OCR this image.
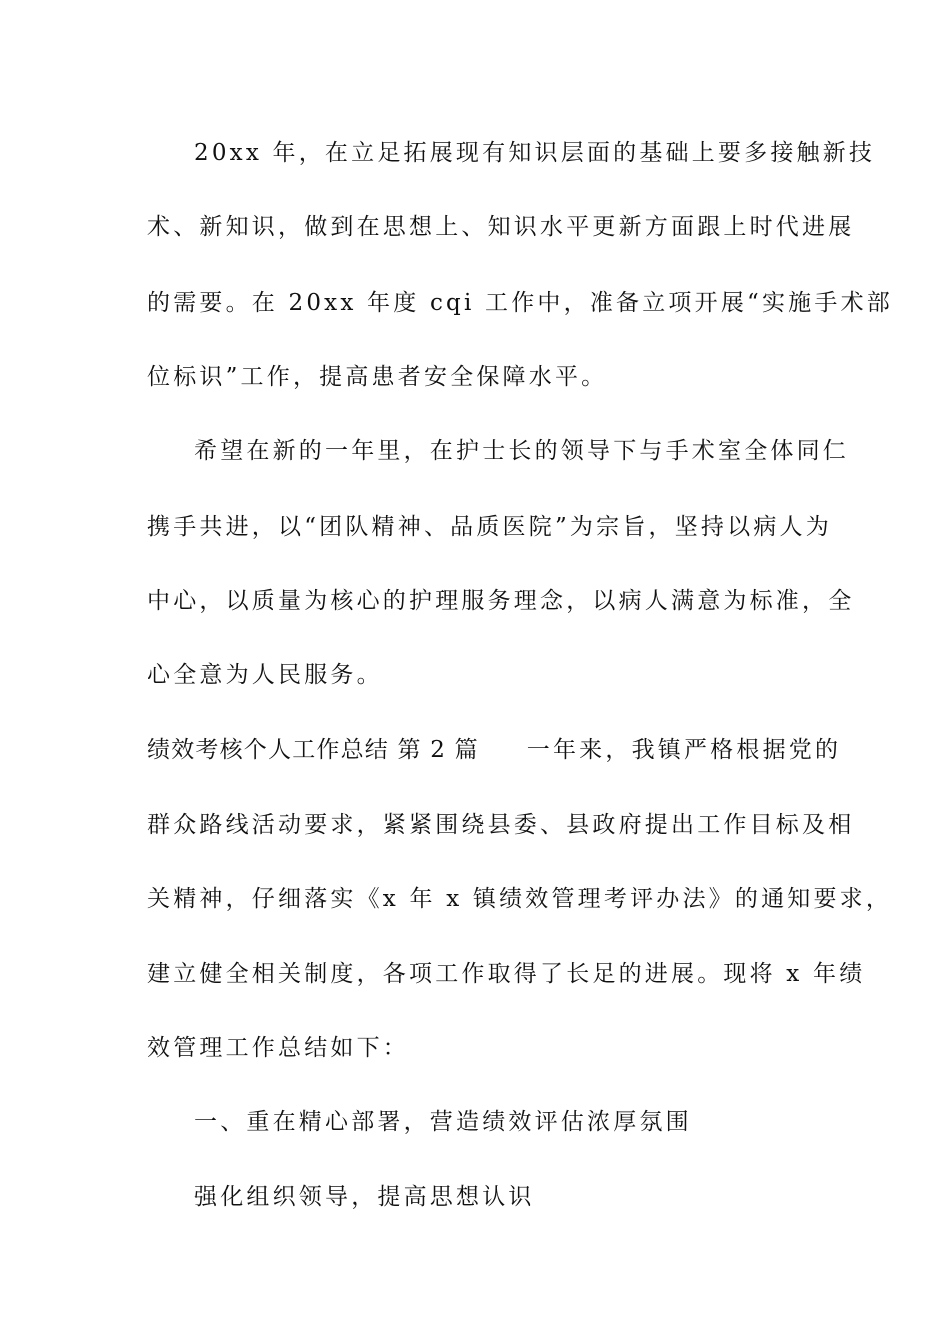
20xx 年，在立足拓展现有知识层面的基础上要多接触新技
术、新知识，做到在思想上、知识水平更新方面跟上时代进展
的需要。在 20xx 年度 cqi 工作中，准备立项开展“实施手术部
位标识”工作，提高患者安全保障水平。
希望在新的一年里，在护士长的领导下与手术室全体同仁
携手共进，以“团队精神、品质医院”为宗旨，坚持以病人为
中心，以质量为核心的护理服务理念，以病人满意为标准，全
心全意为人民服务。
绩效考核个人工作总结 第 2 篇 一年来，我镇严格根据党的
群众路线活动要求，紧紧围绕县委、县政府提出工作目标及相
关精神，仔细落实《x 年 x 镇绩效管理考评办法》的通知要求，
建立健全相关制度，各项工作取得了长足的进展。现将 x 年绩
效管理工作总结如下：
一、重在精心部署，营造绩效评估浓厚氛围
强化组织领导，提高思想认识
